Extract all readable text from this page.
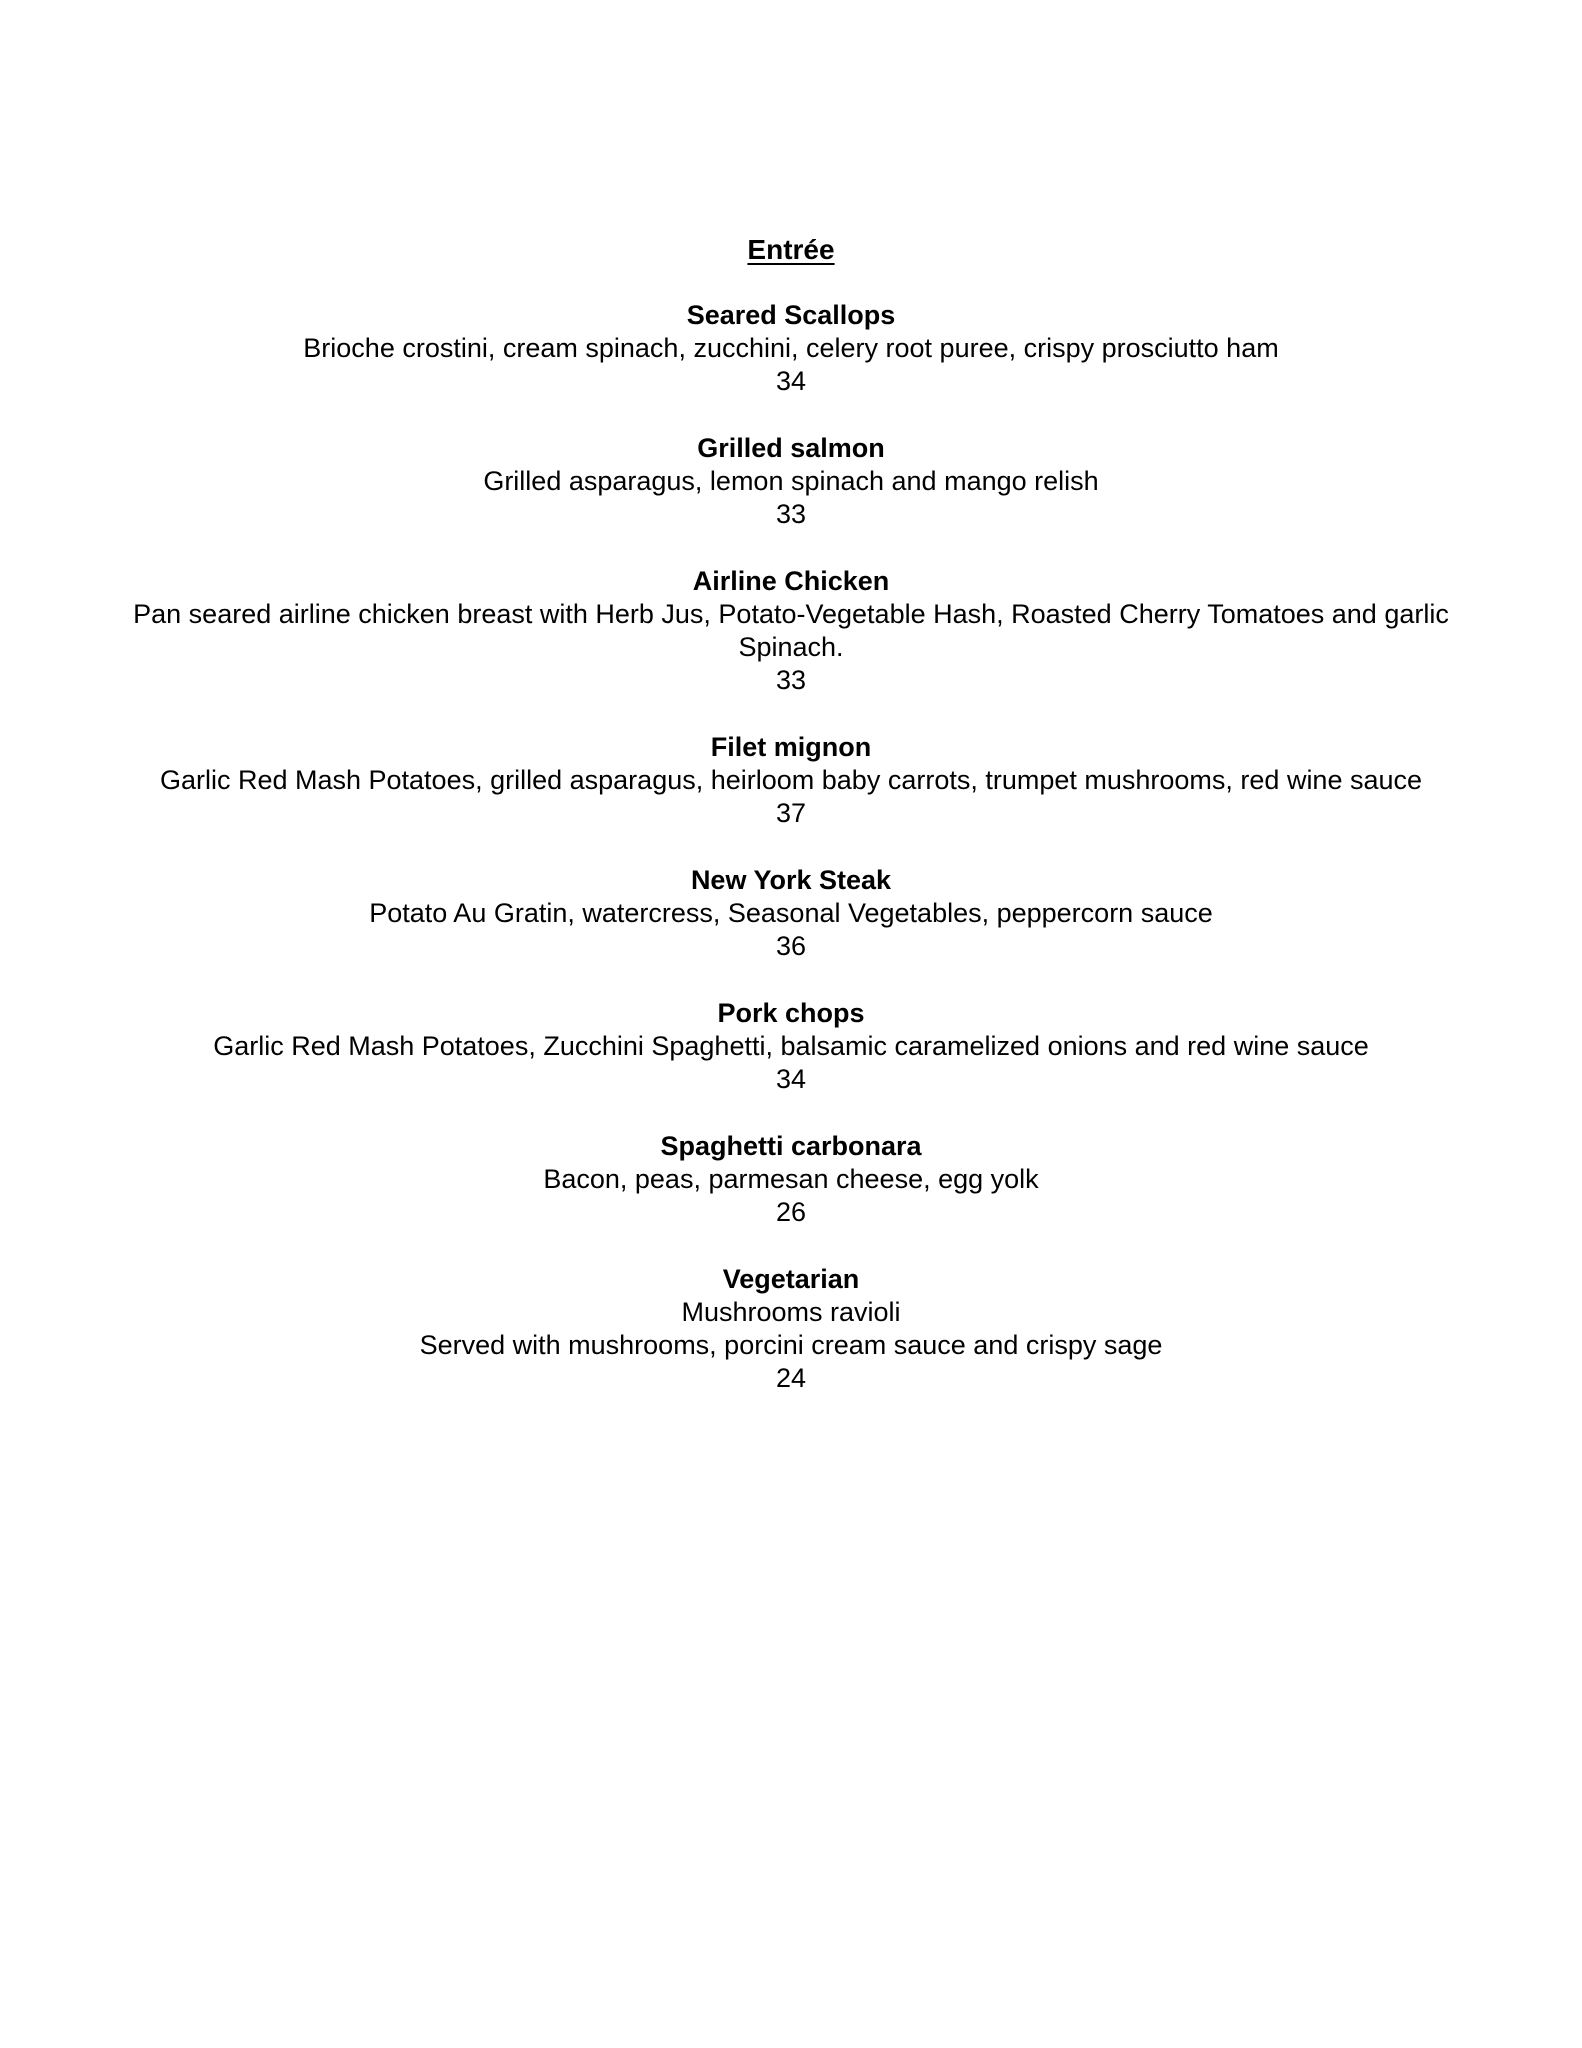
Entrée

Seared Scallops

Brioche crostini, cream spinach, zucchini, celery root puree, crispy prosciutto ham

34

Grilled salmon

Grilled asparagus, lemon spinach and mango relish

33

Airline Chicken

Pan seared airline chicken breast with Herb Jus, Potato-Vegetable Hash, Roasted Cherry Tomatoes and garlic Spinach.

33

Filet mignon

Garlic Red Mash Potatoes, grilled asparagus, heirloom baby carrots, trumpet mushrooms, red wine sauce

37

New York Steak

Potato Au Gratin, watercress, Seasonal Vegetables, peppercorn sauce

36

Pork chops

Garlic Red Mash Potatoes, Zucchini Spaghetti, balsamic caramelized onions and red wine sauce

34

Spaghetti carbonara

Bacon, peas, parmesan cheese, egg yolk

26

Vegetarian

Mushrooms ravioli

Served with mushrooms, porcini cream sauce and crispy sage

24
